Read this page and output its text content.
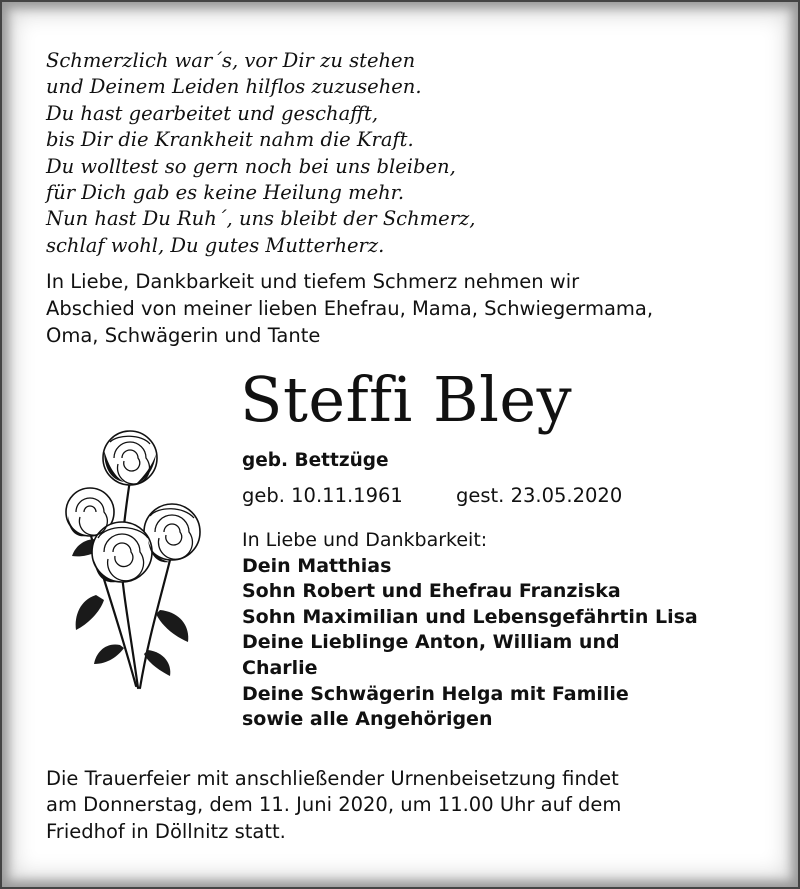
Schmerzlich war´s, vor Dir zu stehen
und Deinem Leiden hilflos zuzusehen.
Du hast gearbeitet und geschafft,
bis Dir die Krankheit nahm die Kraft.
Du wolltest so gern noch bei uns bleiben,
für Dich gab es keine Heilung mehr.
Nun hast Du Ruh´, uns bleibt der Schmerz,
schlaf wohl, Du gutes Mutterherz.
In Liebe, Dankbarkeit und tiefem Schmerz nehmen wir
Abschied von meiner lieben Ehefrau, Mama, Schwiegermama,
Oma, Schwägerin und Tante
Steffi Bley
geb. Bettzüge
geb. 10.11.1961	gest. 23.05.2020
In Liebe und Dankbarkeit:
Dein Matthias
Sohn Robert und Ehefrau Franziska
Sohn Maximilian und Lebensgefährtin Lisa
Deine Lieblinge Anton, William und
Charlie
Deine Schwägerin Helga mit Familie
sowie alle Angehörigen
Die Trauerfeier mit anschließender Urnenbeisetzung findet
am Donnerstag, dem 11. Juni 2020, um 11.00 Uhr auf dem
Friedhof in Döllnitz statt.
